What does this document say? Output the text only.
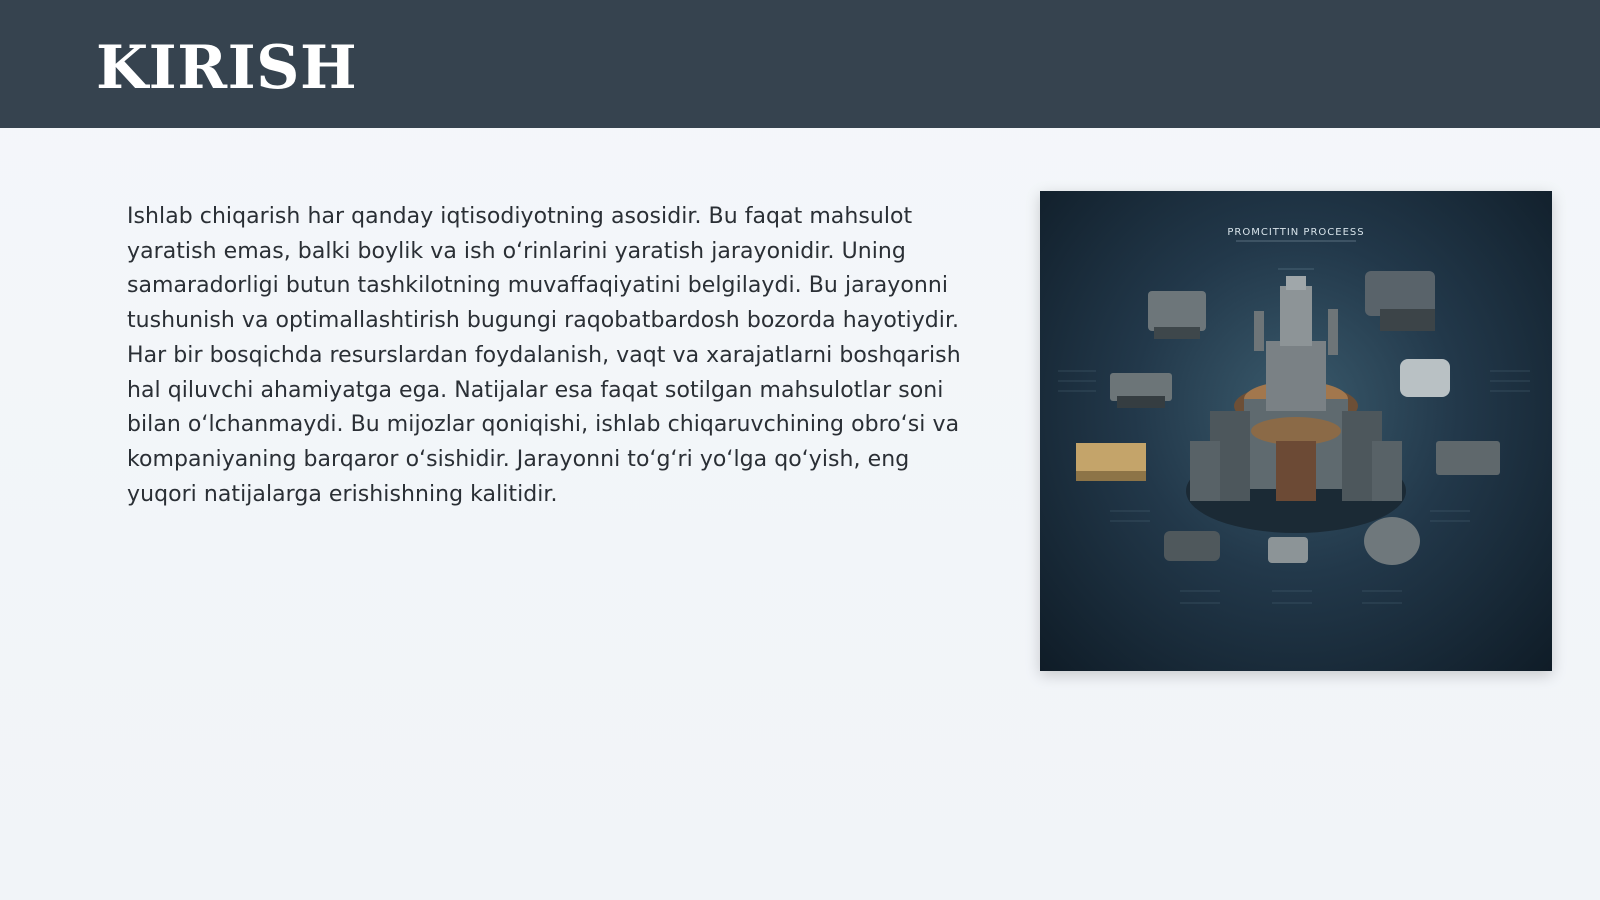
KIRISH

Ishlab chiqarish har qanday iqtisodiyotning asosidir. Bu faqat mahsulot yaratish emas, balki boylik va ish o‘rinlarini yaratish jarayonidir. Uning samaradorligi butun tashkilotning muvaffaqiyatini belgilaydi. Bu jarayonni tushunish va optimallashtirish bugungi raqobatbardosh bozorda hayotiydir. Har bir bosqichda resurslardan foydalanish, vaqt va xarajatlarni boshqarish hal qiluvchi ahamiyatga ega. Natijalar esa faqat sotilgan mahsulotlar soni bilan o‘lchanmaydi. Bu mijozlar qoniqishi, ishlab chiqaruvchining obro‘si va kompaniyaning barqaror o‘sishidir. Jarayonni to‘g‘ri yo‘lga qo‘yish, eng yuqori natijalarga erishishning kalitidir.

PROMCITTIN PROCEESS
